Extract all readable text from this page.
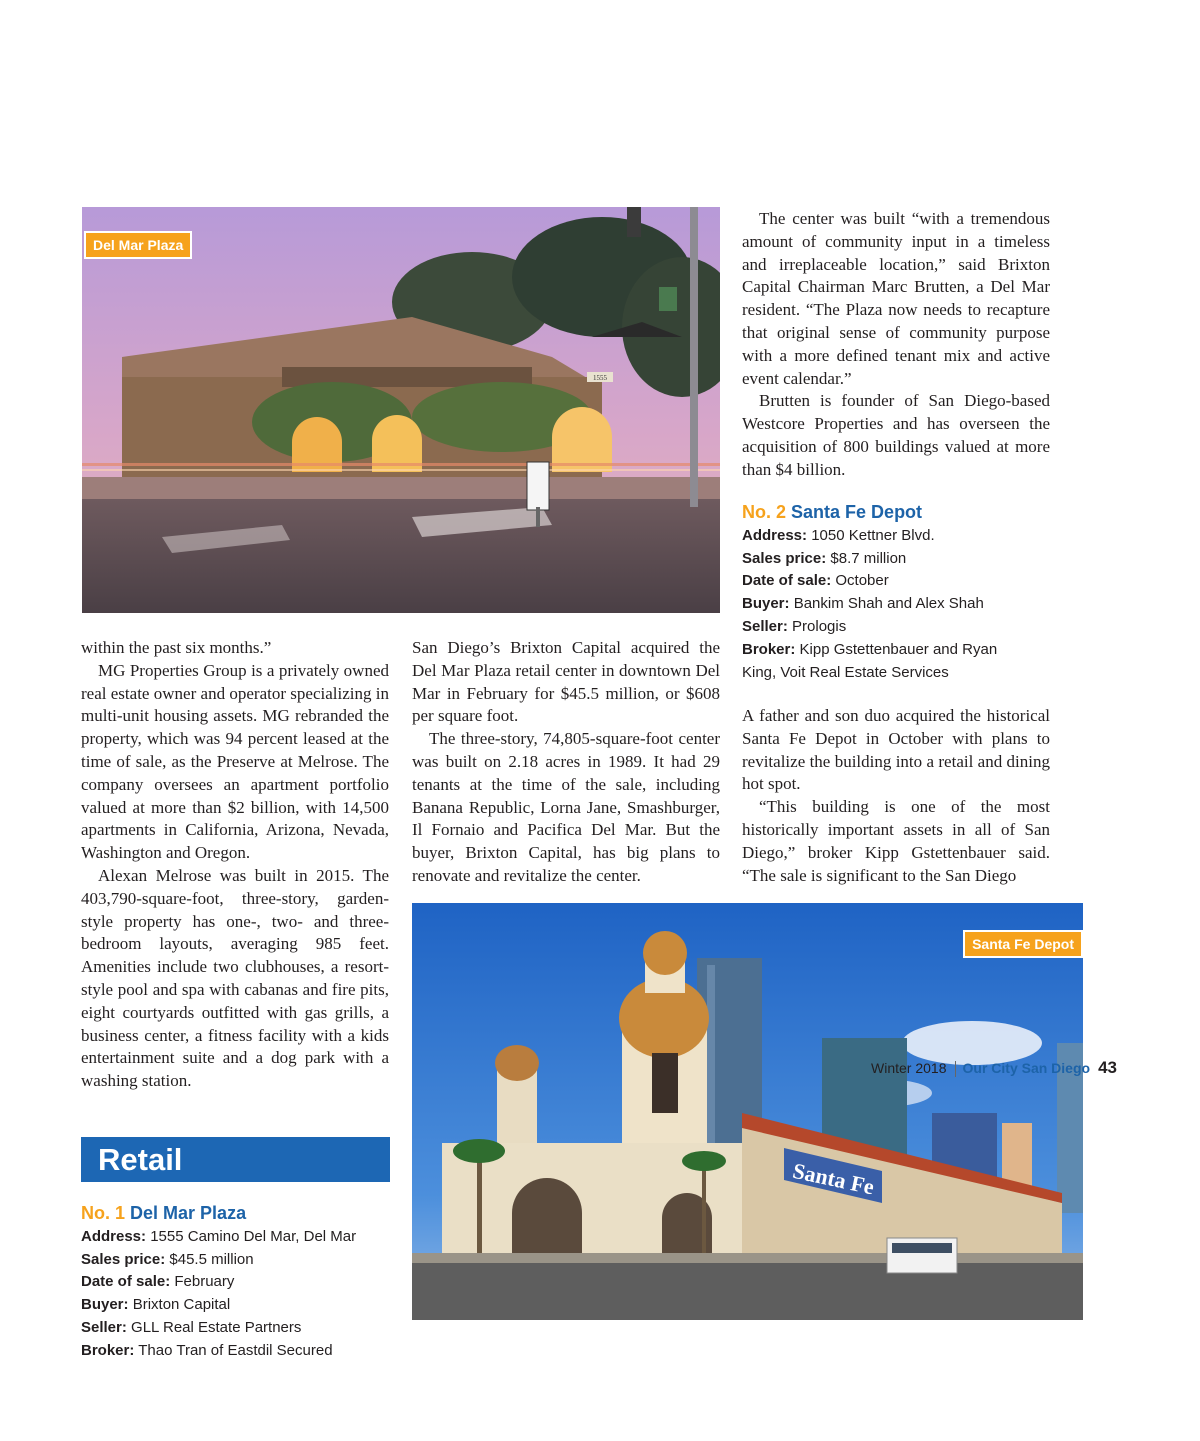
1555
Del Mar Plaza

The center was built “with a tremendous amount of community input in a timeless and irreplaceable location,” said Brixton Capital Chairman Marc Brutten, a Del Mar resident. “The Plaza now needs to recapture that original sense of community purpose with a more defined tenant mix and active event calendar.”

Brutten is founder of San Diego-based Westcore Properties and has overseen the acquisition of 800 buildings valued at more than $4 billion.

No. 2 Santa Fe Depot
Address: 1050 Kettner Blvd.
Sales price: $8.7 million
Date of sale: October
Buyer: Bankim Shah and Alex Shah
Seller: Prologis
Broker: Kipp Gstettenbauer and Ryan
King, Voit Real Estate Services

A father and son duo acquired the historical Santa Fe Depot in October with plans to revitalize the building into a retail and dining hot spot.

“This building is one of the most historically important assets in all of San Diego,” broker Kipp Gstettenbauer said. “The sale is significant to the San Diego

within the past six months.”

MG Properties Group is a privately owned real estate owner and operator specializing in multi-unit housing assets. MG rebranded the property, which was 94 percent leased at the time of sale, as the Preserve at Melrose. The company oversees an apartment portfolio valued at more than $2 billion, with 14,500 apartments in California, Arizona, Nevada, Washington and Oregon.

Alexan Melrose was built in 2015. The 403,790-square-foot, three-story, garden-style property has one-, two- and three-bedroom layouts, averaging 985 feet. Amenities include two clubhouses, a resort-style pool and spa with cabanas and fire pits, eight courtyards outfitted with gas grills, a business center, a fitness facility with a kids entertainment suite and a dog park with a washing station.

San Diego’s Brixton Capital acquired the Del Mar Plaza retail center in downtown Del Mar in February for $45.5 million, or $608 per square foot.

The three-story, 74,805-square-foot center was built on 2.18 acres in 1989. It had 29 tenants at the time of the sale, including Banana Republic, Lorna Jane, Smashburger, Il Fornaio and Pacifica Del Mar. But the buyer, Brixton Capital, has big plans to renovate and revitalize the center.

Retail
No. 1 Del Mar Plaza
Address: 1555 Camino Del Mar, Del Mar
Sales price: $45.5 million
Date of sale: February
Buyer: Brixton Capital
Seller: GLL Real Estate Partners
Broker: Thao Tran of Eastdil Secured
Santa Fe
Santa Fe Depot
Winter 2018 Our City San Diego 43
